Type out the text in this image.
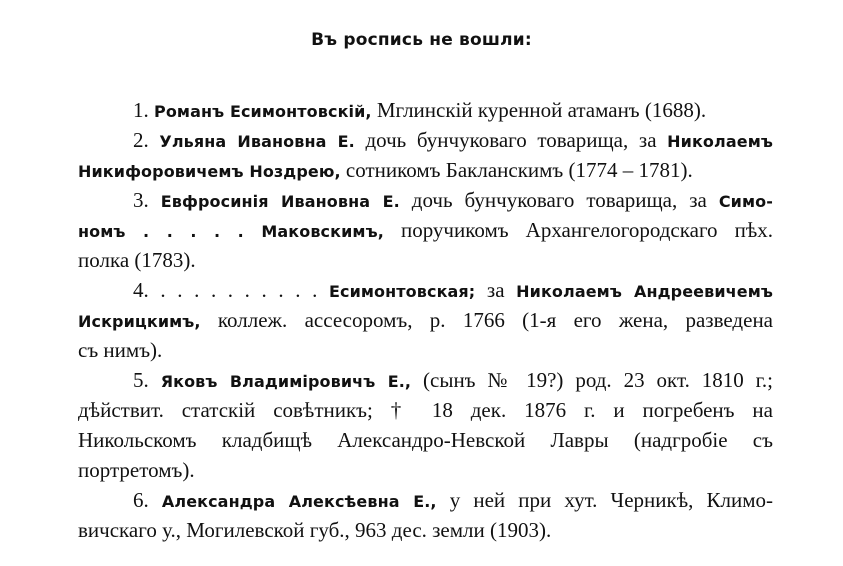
Въ роспись не вошли:
1. Романъ Есимонтовскій, Мглинскій куренной атаманъ (1688).
2. Ульяна Ивановна Е. дочь бунчуковаго товарища, за Николаемъ
Никифоровичемъ Ноздрею, сотникомъ Бакланскимъ (1774 – 1781).
3. Евфросинія Ивановна Е. дочь бунчуковаго товарища, за Симо-
номъ . . . . . Маковскимъ, поручикомъ Архангелогородскаго пѣх.
полка (1783).
4. . . . . . . . . . . Есимонтовская; за Николаемъ Андреевичемъ
Искрицкимъ, коллеж. ассесоромъ, р. 1766 (1-я его жена, разведена
съ нимъ).
5. Яковъ Владиміровичъ Е., (сынъ № 19?) род. 23 окт. 1810 г.;
дѣйствит. статскій совѣтникъ; † 18 дек. 1876 г. и погребенъ на
Никольскомъ кладбищѣ Александро-Невской Лавры (надгробіе съ
портретомъ).
6. Александра Алексѣевна Е., у ней при хут. Черникѣ, Климо-
вичскаго у., Могилевской губ., 963 дес. земли (1903).
